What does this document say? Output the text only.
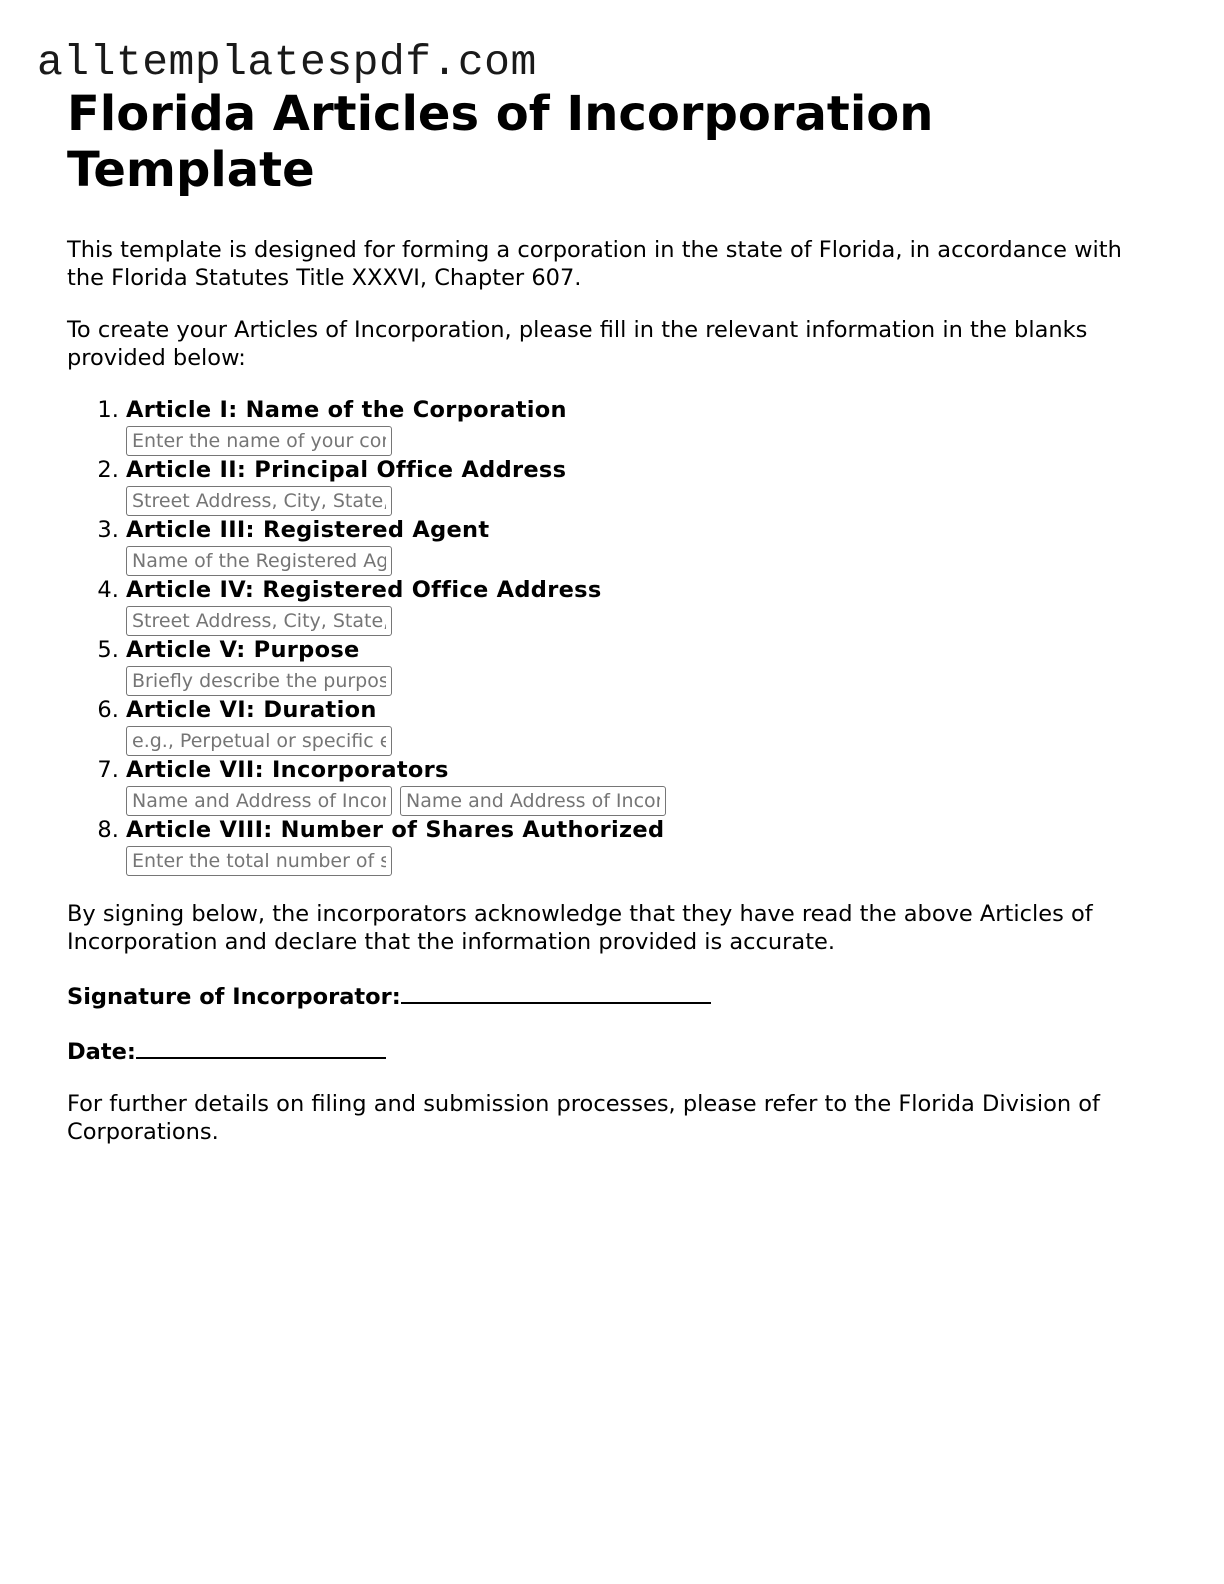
alltemplatespdf.com
Florida Articles of Incorporation Template

This template is designed for forming a corporation in the state of Florida, in accordance with the Florida Statutes Title XXXVI, Chapter 607.

To create your Articles of Incorporation, please fill in the relevant information in the blanks provided below:

1. Article I: Name of the Corporation
Enter the name of your corporation
2. Article II: Principal Office Address
Street Address, City, State, ZIP
3. Article III: Registered Agent
Name of the Registered Agent
4. Article IV: Registered Office Address
Street Address, City, State, ZIP
5. Article V: Purpose
Briefly describe the purpose
6. Article VI: Duration
e.g., Perpetual or specific end date
7. Article VII: Incorporators
Name and Address of Incorporator
Name and Address of Incorporator
8. Article VIII: Number of Shares Authorized
Enter the total number of shares

By signing below, the incorporators acknowledge that they have read the above Articles of Incorporation and declare that the information provided is accurate.

Signature of Incorporator:
Date:

For further details on filing and submission processes, please refer to the Florida Division of Corporations.
